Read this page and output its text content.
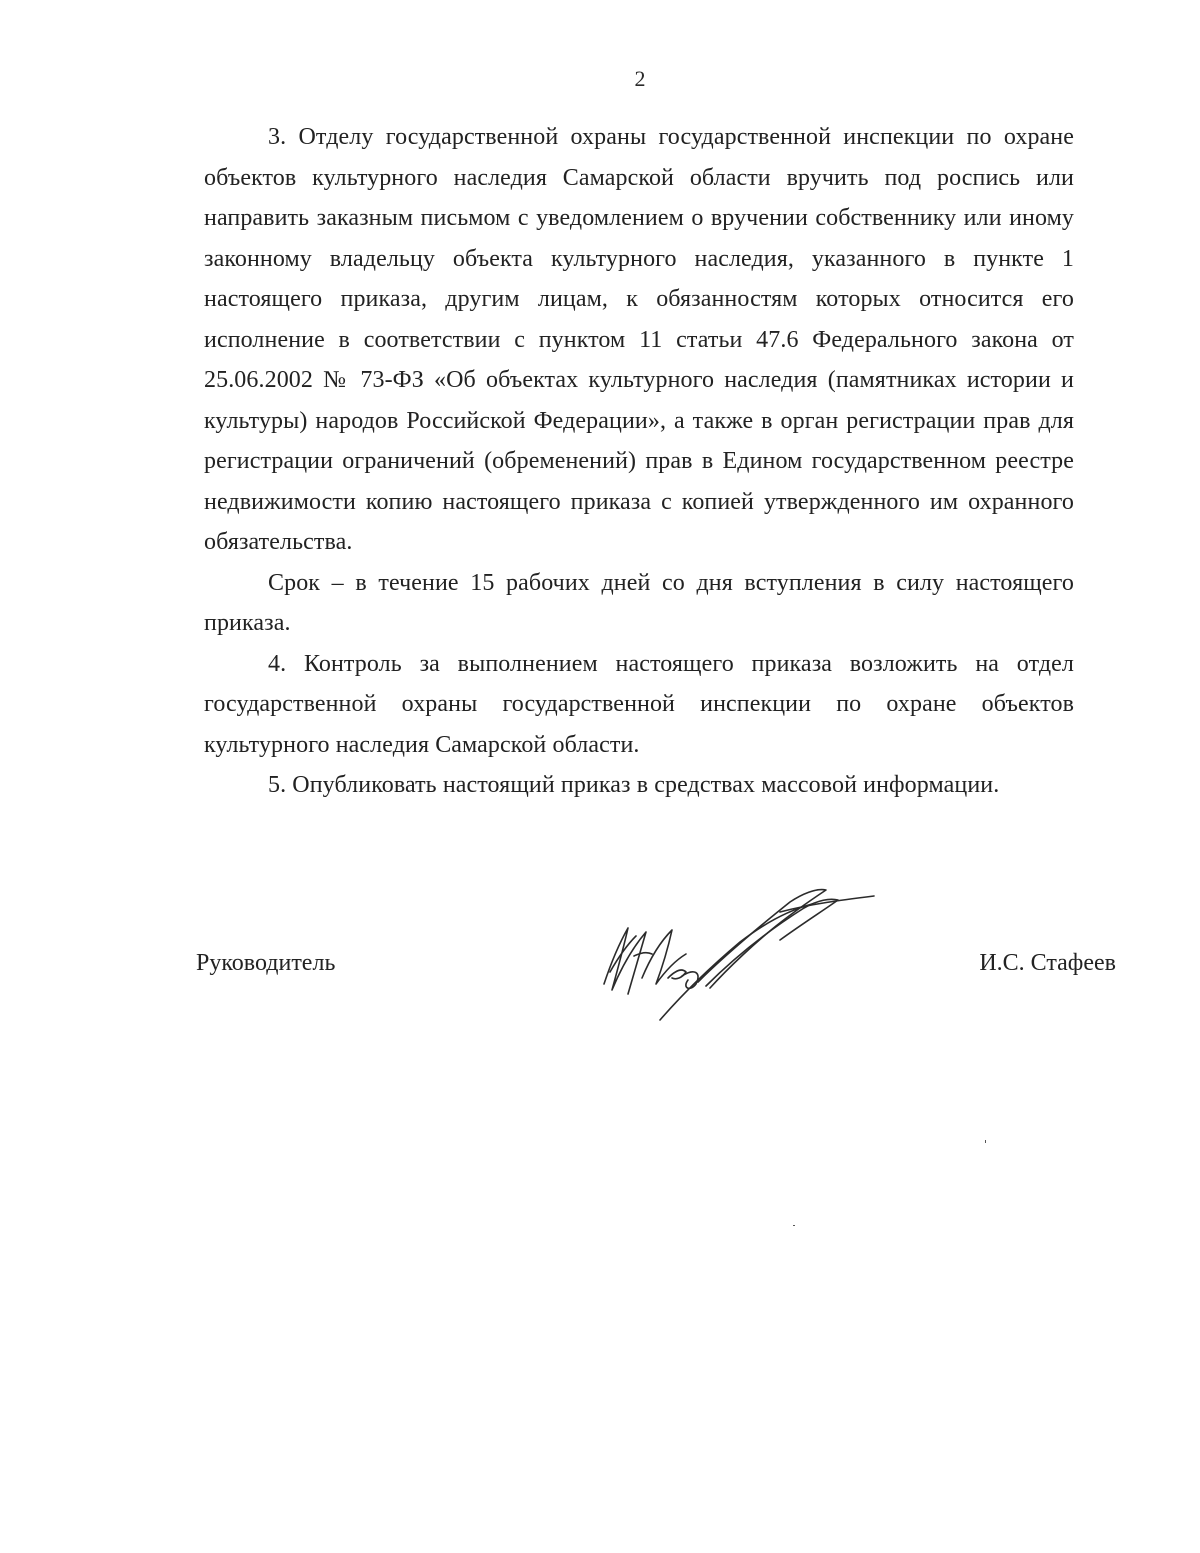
2

3. Отделу государственной охраны государственной инспекции по охране объектов культурного наследия Самарской области вручить под роспись или направить заказным письмом с уведомлением о вручении собственнику или иному законному владельцу объекта культурного наследия, указанного в пункте 1 настоящего приказа, другим лицам, к обязанностям которых относится его исполнение в соответствии с пунктом 11 статьи 47.6 Федерального закона от 25.06.2002 № 73-ФЗ «Об объектах культурного наследия (памятниках истории и культуры) народов Российской Федерации», а также в орган регистрации прав для регистрации ограничений (обременений) прав в Едином государственном реестре недвижимости копию настоящего приказа с копией утвержденного им охранного обязательства.

Срок – в течение 15 рабочих дней со дня вступления в силу настоящего приказа.

4. Контроль за выполнением настоящего приказа возложить на отдел государственной охраны государственной инспекции по охране объектов культурного наследия Самарской области.

5. Опубликовать настоящий приказ в средствах массовой информации.

Руководитель	И.С. Стафеев
